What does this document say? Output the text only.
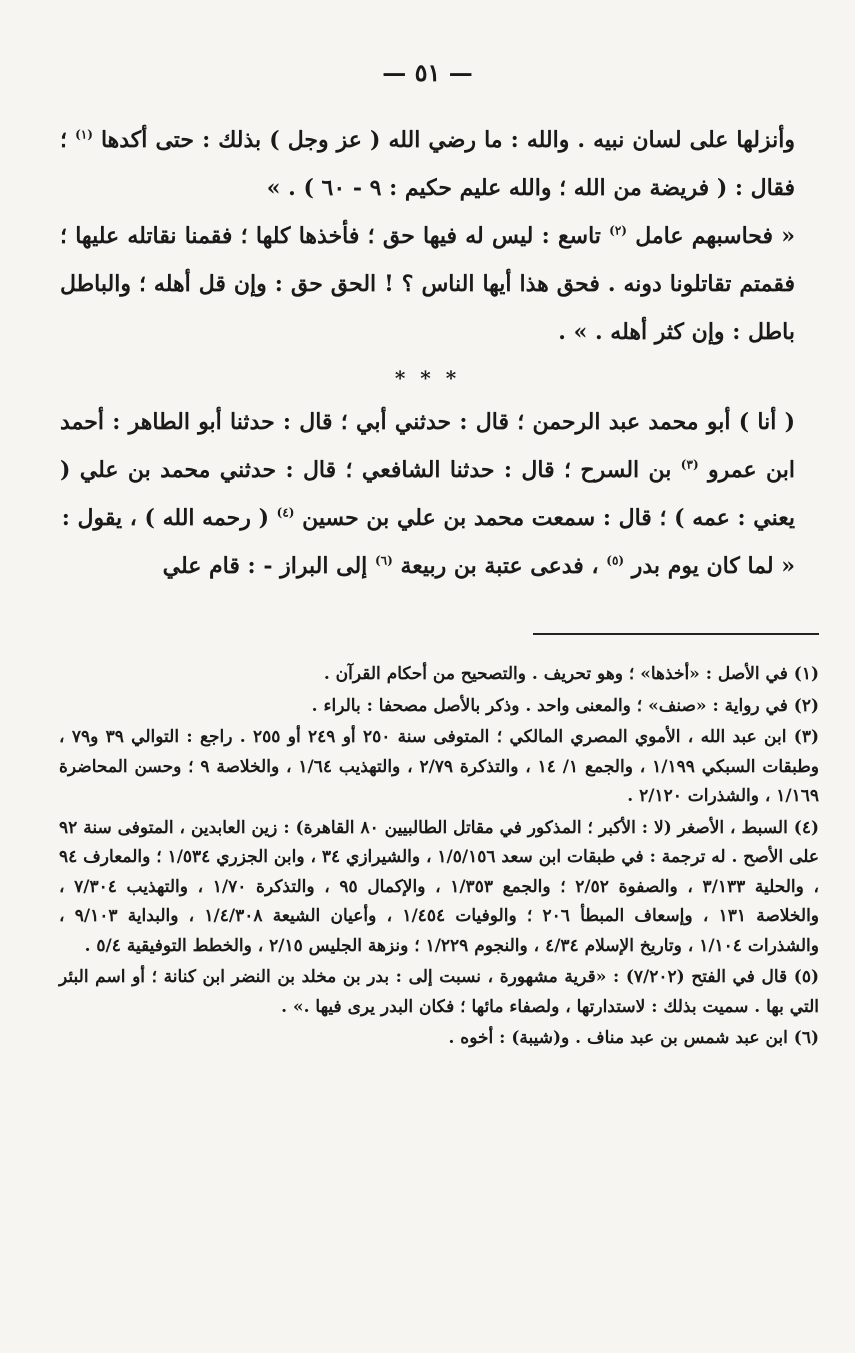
— ٥١ —

وأنزلها على لسان نبيه . والله : ما رضي الله ( عز وجل ) بذلك : حتى أكدها $^{(١)}$ ؛ فقال : ( فريضة من الله ؛ والله عليم حكيم : ٩ - ٦٠ ) . »

« فحاسبهم عامل $^{(٢)}$ تاسع : ليس له فيها حق ؛ فأخذها كلها ؛ فقمنا نقاتله عليها ؛ فقمتم تقاتلونا دونه . فحق هذا أيها الناس ؟ ! الحق حق : وإن قل أهله ؛ والباطل باطل : وإن كثر أهله . » .

* * *

( أنا ) أبو محمد عبد الرحمن ؛ قال : حدثني أبي ؛ قال : حدثنا أبو الطاهر : أحمد ابن عمرو $^{(٣)}$ بن السرح ؛ قال : حدثنا الشافعي ؛ قال : حدثني محمد بن علي ( يعني : عمه ) ؛ قال : سمعت محمد بن علي بن حسين $^{(٤)}$ ( رحمه الله ) ، يقول :

« لما كان يوم بدر $^{(٥)}$ ، فدعى عتبة بن ربيعة $^{(٦)}$ إلى البراز - : قام علي

(١) في الأصل : «أخذها» ؛ وهو تحريف . والتصحيح من أحكام القرآن .

(٢) في رواية : «صنف» ؛ والمعنى واحد . وذكر بالأصل مصحفا : بالراء .

(٣) ابن عبد الله ، الأموي المصري المالكي ؛ المتوفى سنة ٢٥٠ أو ٢٤٩ أو ٢٥٥ . راجع : التوالي ٣٩ و٧٩ ، وطبقات السبكي ١/١٩٩ ، والجمع ١/ ١٤ ، والتذكرة ٢/٧٩ ، والتهذيب ١/٦٤ ، والخلاصة ٩ ؛ وحسن المحاضرة ١/١٦٩ ، والشذرات ٢/١٢٠ .

(٤) السبط ، الأصغر (لا : الأكبر ؛ المذكور في مقاتل الطالبيين ٨٠ القاهرة) : زين العابدين ، المتوفى سنة ٩٢ على الأصح . له ترجمة : في طبقات ابن سعد ١/٥/١٥٦ ، والشيرازي ٣٤ ، وابن الجزري ١/٥٣٤ ؛ والمعارف ٩٤ ، والحلية ٣/١٣٣ ، والصفوة ٢/٥٢ ؛ والجمع ١/٣٥٣ ، والإكمال ٩٥ ، والتذكرة ١/٧٠ ، والتهذيب ٧/٣٠٤ ، والخلاصة ١٣١ ، وإسعاف المبطأ ٢٠٦ ؛ والوفيات ١/٤٥٤ ، وأعيان الشيعة ١/٤/٣٠٨ ، والبداية ٩/١٠٣ ، والشذرات ١/١٠٤ ، وتاريخ الإسلام ٤/٣٤ ، والنجوم ١/٢٢٩ ؛ ونزهة الجليس ٢/١٥ ، والخطط التوفيقية ٥/٤ .

(٥) قال في الفتح (٧/٢٠٢) : «قرية مشهورة ، نسبت إلى : بدر بن مخلد بن النضر ابن كنانة ؛ أو اسم البئر التي بها . سميت بذلك : لاستدارتها ، ولصفاء مائها ؛ فكان البدر يرى فيها .» .

(٦) ابن عبد شمس بن عبد مناف . و(شيبة) : أخوه .
